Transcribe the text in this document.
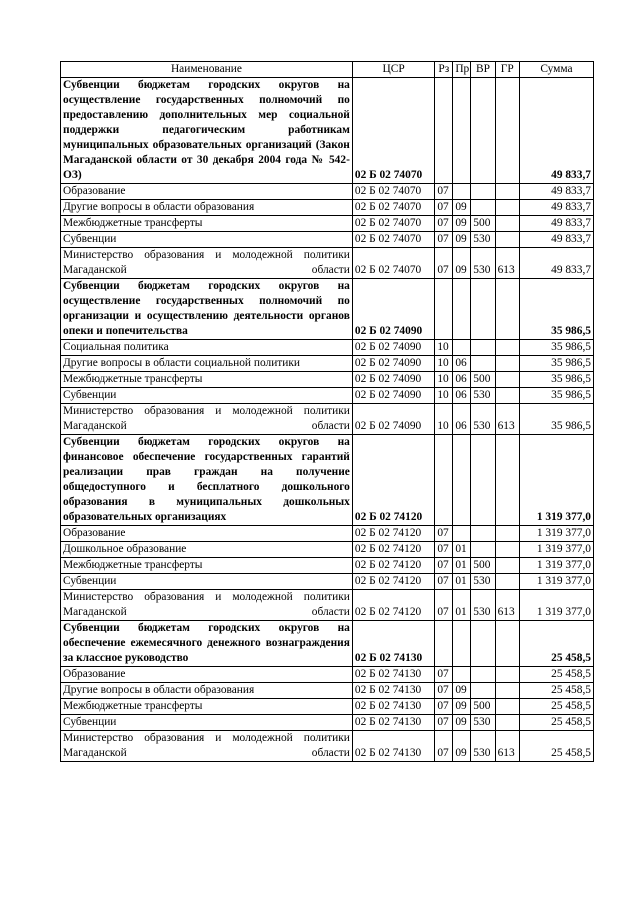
Наименование	ЦСР	Рз	Пр	ВР	ГР	Сумма
Субвенции бюджетам городских округов на осуществление государственных полномочий по предоставлению дополнительных мер социальной поддержки педагогическим работникам муниципальных образовательных организаций (Закон Магаданской области от 30 декабря 2004 года № 542-ОЗ)	02 Б 02 74070					49 833,7
Образование	02 Б 02 74070	07				49 833,7
Другие вопросы в области образования	02 Б 02 74070	07	09			49 833,7
Межбюджетные трансферты	02 Б 02 74070	07	09	500		49 833,7
Субвенции	02 Б 02 74070	07	09	530		49 833,7
Министерство образования и молодежной политики Магаданской области	02 Б 02 74070	07	09	530	613	49 833,7
Субвенции бюджетам городских округов на осуществление государственных полномочий по организации и осуществлению деятельности органов опеки и попечительства	02 Б 02 74090					35 986,5
Социальная политика	02 Б 02 74090	10				35 986,5
Другие вопросы в области социальной политики	02 Б 02 74090	10	06			35 986,5
Межбюджетные трансферты	02 Б 02 74090	10	06	500		35 986,5
Субвенции	02 Б 02 74090	10	06	530		35 986,5
Министерство образования и молодежной политики Магаданской области	02 Б 02 74090	10	06	530	613	35 986,5
Субвенции бюджетам городских округов на финансовое обеспечение государственных гарантий реализации прав граждан на получение общедоступного и бесплатного дошкольного образования в муниципальных дошкольных образовательных организациях	02 Б 02 74120					1 319 377,0
Образование	02 Б 02 74120	07				1 319 377,0
Дошкольное образование	02 Б 02 74120	07	01			1 319 377,0
Межбюджетные трансферты	02 Б 02 74120	07	01	500		1 319 377,0
Субвенции	02 Б 02 74120	07	01	530		1 319 377,0
Министерство образования и молодежной политики Магаданской области	02 Б 02 74120	07	01	530	613	1 319 377,0
Субвенции бюджетам городских округов на обеспечение ежемесячного денежного вознаграждения за классное руководство	02 Б 02 74130					25 458,5
Образование	02 Б 02 74130	07				25 458,5
Другие вопросы в области образования	02 Б 02 74130	07	09			25 458,5
Межбюджетные трансферты	02 Б 02 74130	07	09	500		25 458,5
Субвенции	02 Б 02 74130	07	09	530		25 458,5
Министерство образования и молодежной политики Магаданской области	02 Б 02 74130	07	09	530	613	25 458,5
